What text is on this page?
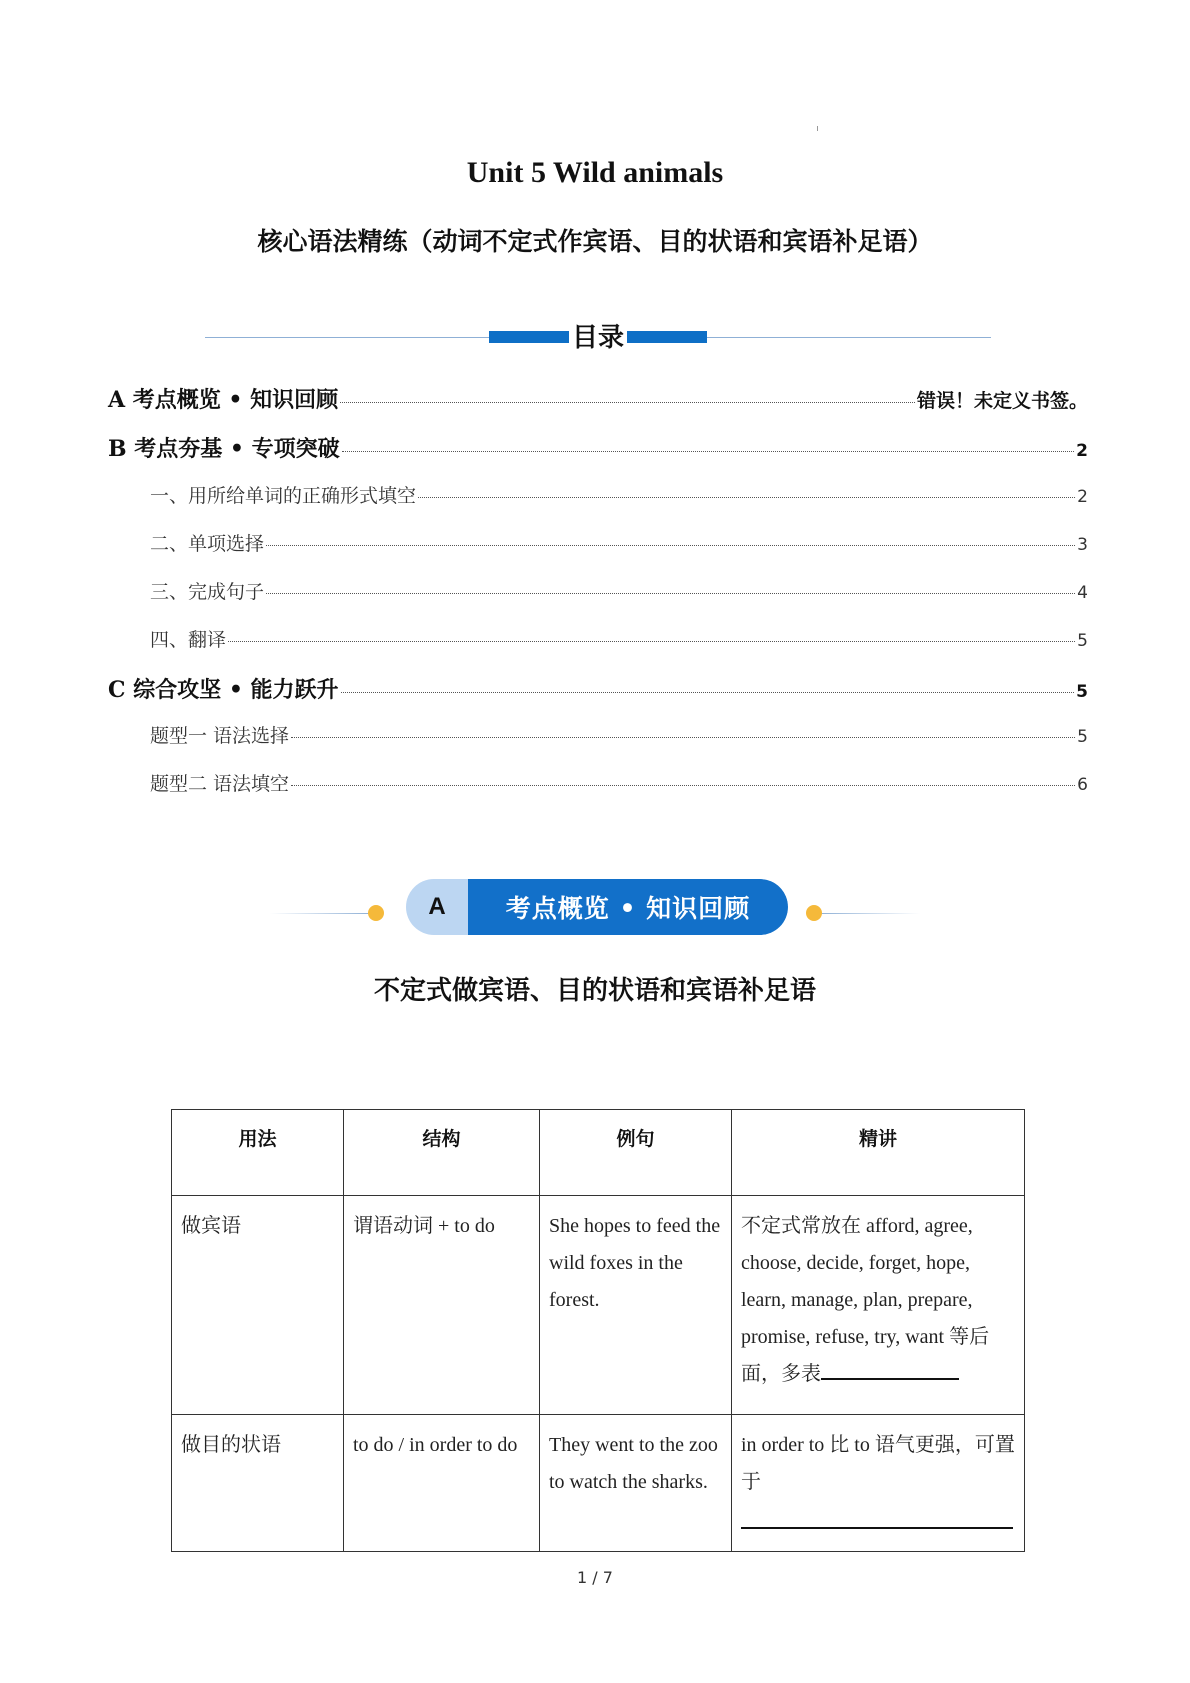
Unit 5 Wild animals
核心语法精练（动词不定式作宾语、目的状语和宾语补足语）
目录
A 考点概览 • 知识回顾	错误！未定义书签。
B 考点夯基 • 专项突破	2
一、用所给单词的正确形式填空	2
二、单项选择	3
三、完成句子	4
四、翻译	5
C 综合攻坚 • 能力跃升	5
题型一 语法选择	5
题型二 语法填空	6
A	考点概览 • 知识回顾
不定式做宾语、目的状语和宾语补足语
用法	结构	例句	精讲
做宾语	谓语动词 + to do	She hopes to feed the wild foxes in the forest.	不定式常放在 afford, agree, choose, decide, forget, hope, learn, manage, plan, prepare, promise, refuse, try, want 等后面，多表
做目的状语	to do / in order to do	They went to the zoo to watch the sharks.	in order to 比 to 语气更强，可置于
1 / 7
